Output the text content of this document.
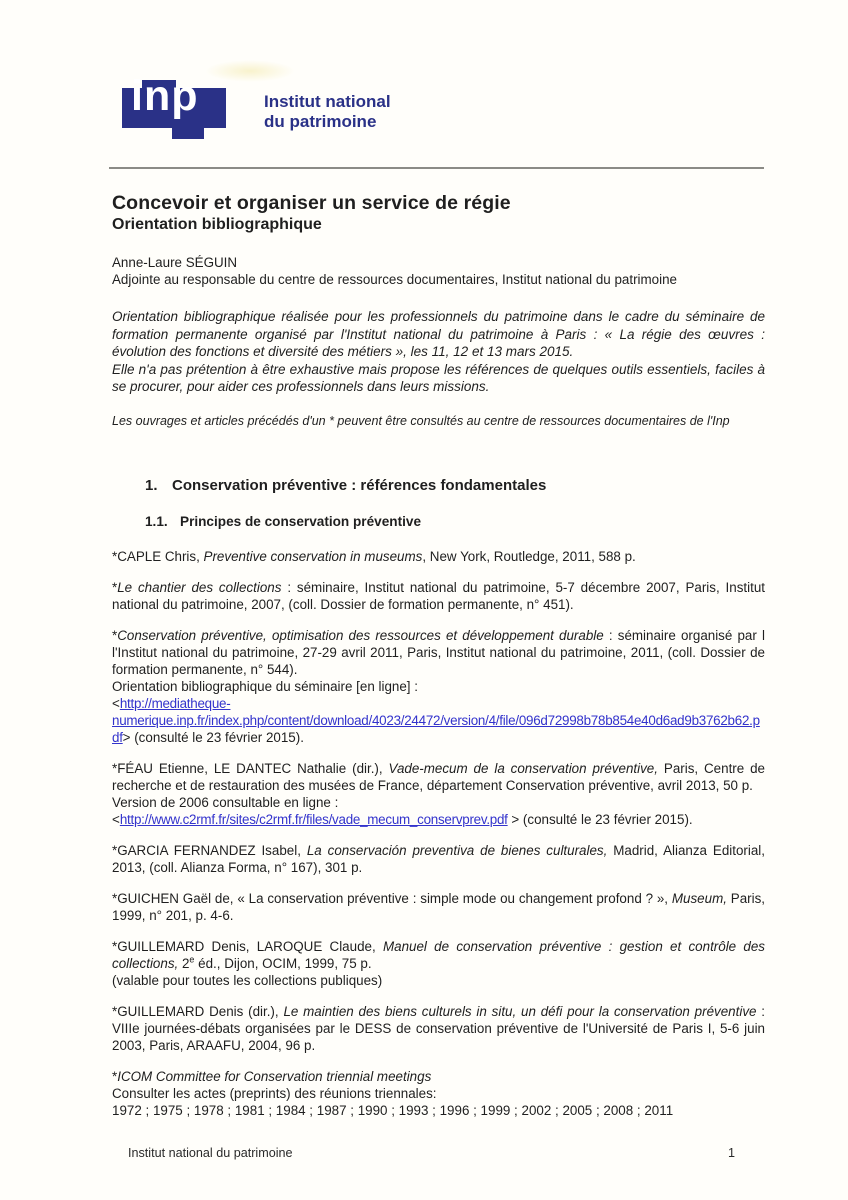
inp	Institut national
du patrimoine
Concevoir et organiser un service de régie
Orientation bibliographique
Anne-Laure SÉGUIN
Adjointe au responsable du centre de ressources documentaires, Institut national du patrimoine
Orientation bibliographique réalisée pour les professionnels du patrimoine dans le cadre du séminaire de formation permanente organisé par l'Institut national du patrimoine à Paris : « La régie des œuvres : évolution des fonctions et diversité des métiers », les 11, 12 et 13 mars 2015.
Elle n'a pas prétention à être exhaustive mais propose les références de quelques outils essentiels, faciles à se procurer, pour aider ces professionnels dans leurs missions.
Les ouvrages et articles précédés d'un * peuvent être consultés au centre de ressources documentaires de l'Inp
1. Conservation préventive : références fondamentales
1.1. Principes de conservation préventive
*CAPLE Chris, Preventive conservation in museums, New York, Routledge, 2011, 588 p.
*Le chantier des collections : séminaire, Institut national du patrimoine, 5-7 décembre 2007, Paris, Institut national du patrimoine, 2007, (coll. Dossier de formation permanente, n° 451).
*Conservation préventive, optimisation des ressources et développement durable : séminaire organisé par l l'Institut national du patrimoine, 27-29 avril 2011, Paris, Institut national du patrimoine, 2011, (coll. Dossier de formation permanente, n° 544).
Orientation bibliographique du séminaire [en ligne] :
<http://mediatheque-numerique.inp.fr/index.php/content/download/4023/24472/version/4/file/096d72998b78b854e40d6ad9b3762b62.pdf> (consulté le 23 février 2015).
*FÉAU Etienne, LE DANTEC Nathalie (dir.), Vade-mecum de la conservation préventive, Paris, Centre de recherche et de restauration des musées de France, département Conservation préventive, avril 2013, 50 p.
Version de 2006 consultable en ligne :
<http://www.c2rmf.fr/sites/c2rmf.fr/files/vade_mecum_conservprev.pdf > (consulté le 23 février 2015).
*GARCIA FERNANDEZ Isabel, La conservación preventiva de bienes culturales, Madrid, Alianza Editorial, 2013, (coll. Alianza Forma, n° 167), 301 p.
*GUICHEN Gaël de, « La conservation préventive : simple mode ou changement profond ? », Museum, Paris, 1999, n° 201, p. 4-6.
*GUILLEMARD Denis, LAROQUE Claude, Manuel de conservation préventive : gestion et contrôle des collections, 2e éd., Dijon, OCIM, 1999, 75 p.
(valable pour toutes les collections publiques)
*GUILLEMARD Denis (dir.), Le maintien des biens culturels in situ, un défi pour la conservation préventive : VIIIe journées-débats organisées par le DESS de conservation préventive de l'Université de Paris I, 5-6 juin 2003, Paris, ARAAFU, 2004, 96 p.
*ICOM Committee for Conservation triennial meetings
Consulter les actes (preprints) des réunions triennales:
1972 ; 1975 ; 1978 ; 1981 ; 1984 ; 1987 ; 1990 ; 1993 ; 1996 ; 1999 ; 2002 ; 2005 ; 2008 ; 2011
Institut national du patrimoine	1
